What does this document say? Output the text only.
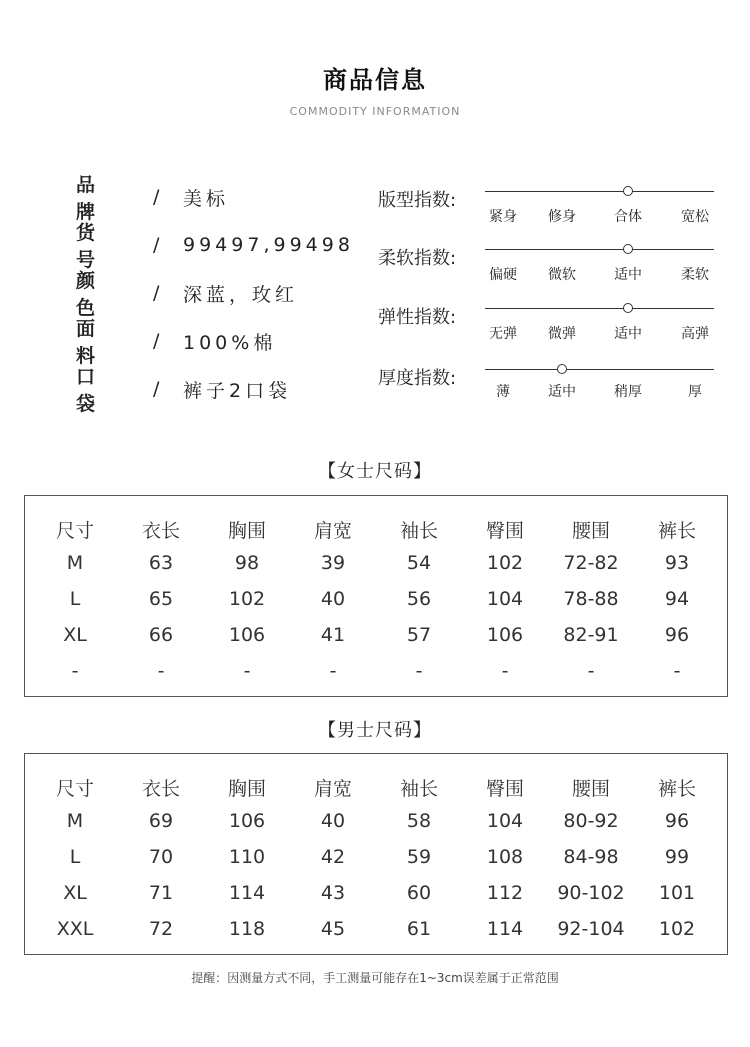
商品信息
COMMODITY INFORMATION
品牌
/	美标
货号
/	99497,99498
颜色
/	深蓝，玫红
面料
/	100%棉
口袋
/	裤子2口袋
版型指数:
紧身	修身	合体	宽松
柔软指数:
偏硬	微软	适中	柔软
弹性指数:
无弹	微弹	适中	高弹
厚度指数:
薄	适中	稍厚	厚
【女士尺码】
尺寸	衣长	胸围	肩宽	袖长	臀围	腰围	裤长
M	63	98	39	54	102	72-82	93
L	65	102	40	56	104	78-88	94
XL	66	106	41	57	106	82-91	96
-	-	-	-	-	-	-	-
【男士尺码】
尺寸	衣长	胸围	肩宽	袖长	臀围	腰围	裤长
M	69	106	40	58	104	80-92	96
L	70	110	42	59	108	84-98	99
XL	71	114	43	60	112	90-102	101
XXL	72	118	45	61	114	92-104	102
提醒：因测量方式不同，手工测量可能存在1~3cm误差属于正常范围
